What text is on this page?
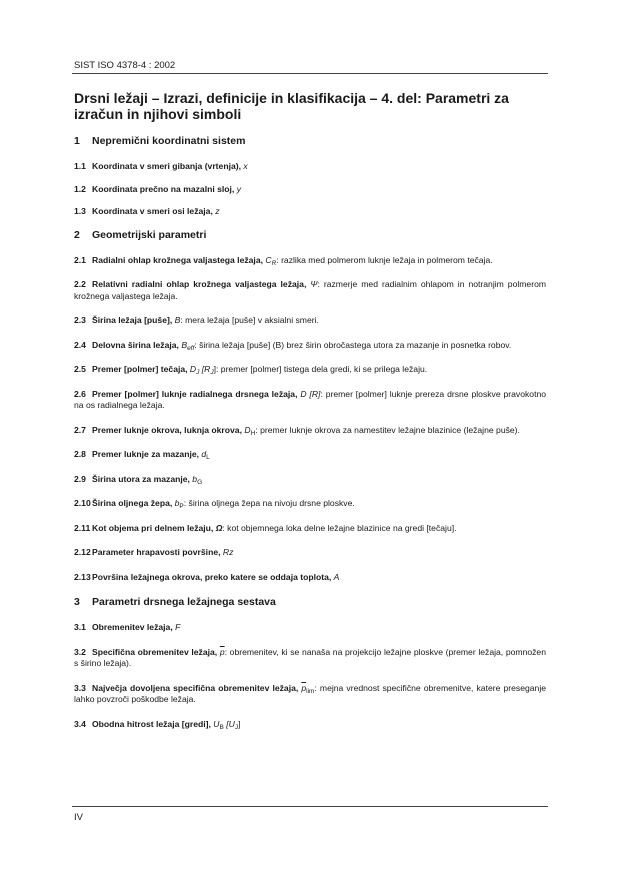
SIST ISO 4378-4 : 2002
Drsni ležaji – Izrazi, definicije in klasifikacija – 4. del: Parametri za
izračun in njihovi simboli
1 Nepremični koordinatni sistem
1.1 Koordinata v smeri gibanja (vrtenja), x
1.2 Koordinata prečno na mazalni sloj, y
1.3 Koordinata v smeri osi ležaja, z
2 Geometrijski parametri
2.1 Radialni ohlap krožnega valjastega ležaja, $C_R$: razlika med polmerom luknje ležaja in polmerom tečaja.
2.2 Relativni radialni ohlap krožnega valjastega ležaja, Ψ: razmerje med radialnim ohlapom in notranjim polmerom krožnega valjastega ležaja.
2.3 Širina ležaja [puše], B: mera ležaja [puše] v aksialni smeri.
2.4 Delovna širina ležaja, $B_{eff}$: širina ležaja [puše] (B) brez širin obročastega utora za mazanje in posnetka robov.
2.5 Premer [polmer] tečaja, $D_J$ $[R_J]$: premer [polmer] tistega dela gredi, ki se prilega ležaju.
2.6 Premer [polmer] luknje radialnega drsnega ležaja, D [R]: premer [polmer] luknje prereza drsne ploskve pravokotno na os radialnega ležaja.
2.7 Premer luknje okrova, luknja okrova, $D_H$: premer luknje okrova za namestitev ležajne blazinice (ležajne puše).
2.8 Premer luknje za mazanje, $d_L$
2.9 Širina utora za mazanje, $b_G$
2.10Širina oljnega žepa, $b_P$: širina oljnega žepa na nivoju drsne ploskve.
2.11 Kot objema pri delnem ležaju, Ω: kot objemnega loka delne ležajne blazinice na gredi [tečaju].
2.12Parameter hrapavosti površine, Rz
2.13Površina ležajnega okrova, preko katere se oddaja toplota, A
3 Parametri drsnega ležajnega sestava
3.1 Obremenitev ležaja, F
3.2 Specifična obremenitev ležaja, $\overline{p}$: obremenitev, ki se nanaša na projekcijo ležajne ploskve (premer ležaja, pomnožen s širino ležaja).
3.3 Največja dovoljena specifična obremenitev ležaja, $\overline{p}_{lim}$: mejna vrednost specifične obremenitve, katere preseganje lahko povzroči poškodbe ležaja.
3.4 Obodna hitrost ležaja [gredi], $U_B$ $[U_J]$
IV
